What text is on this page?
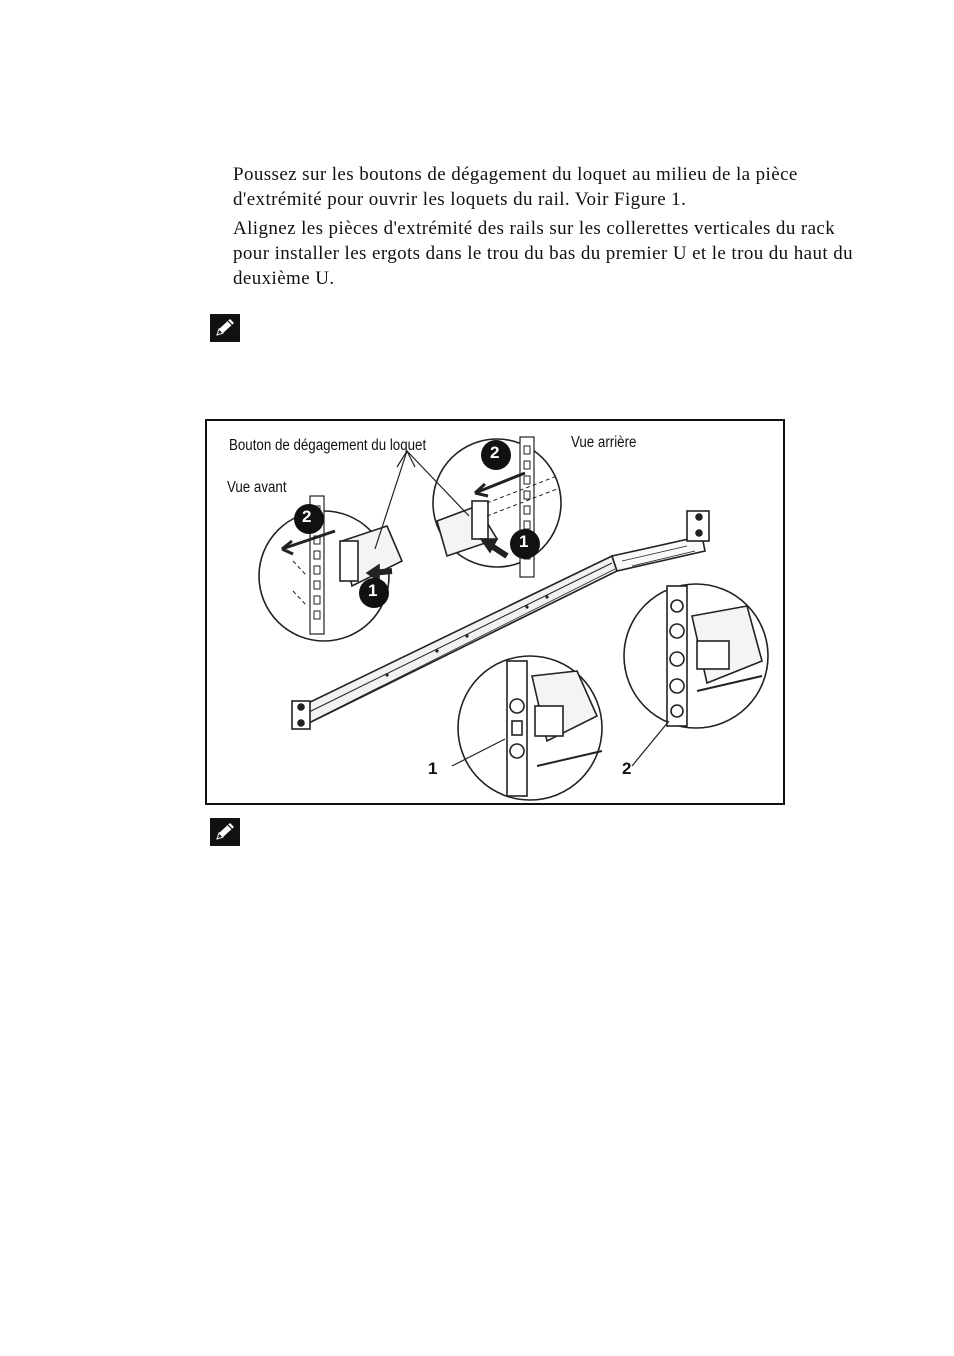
Poussez sur les boutons de dégagement du loquet au milieu de la pièce d'extrémité pour ouvrir les loquets du rail. Voir Figure 1.

Alignez les pièces d'extrémité des rails sur les collerettes verticales du rack pour installer les ergots dans le trou du bas du premier U et le trou du haut du deuxième U.

2
1
2
1
Bouton de dégagement du loquet
Vue avant
Vue arrière
1	2
